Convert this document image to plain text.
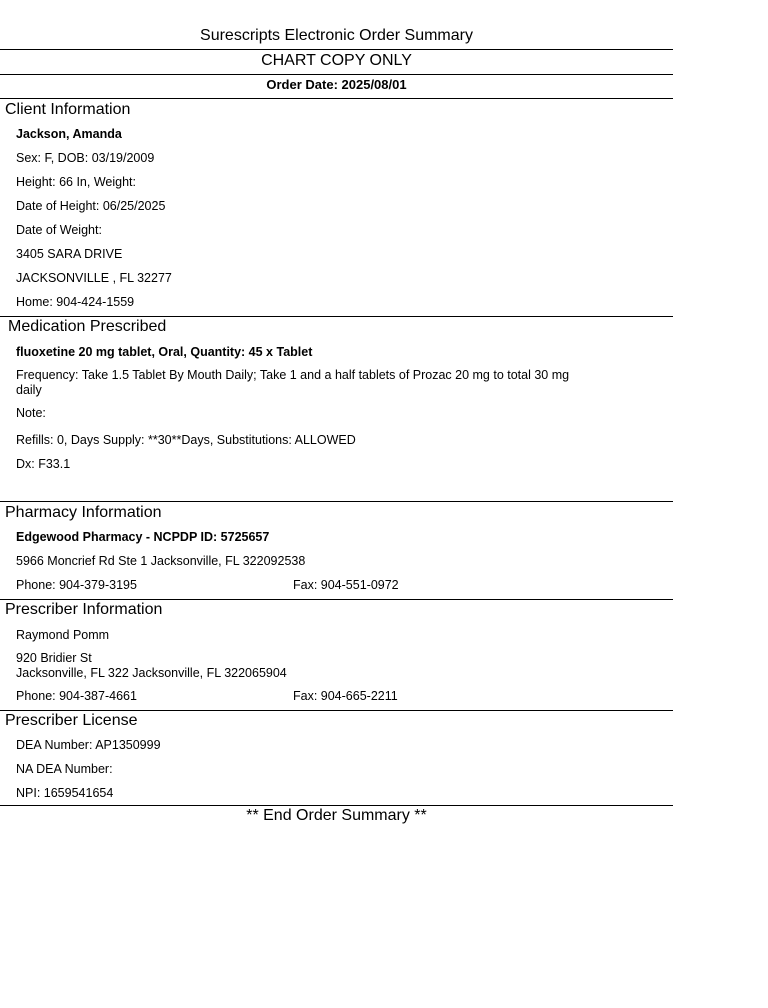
Surescripts Electronic Order Summary
CHART COPY ONLY
Order Date: 2025/08/01
Client Information
Jackson, Amanda
Sex: F, DOB: 03/19/2009
Height: 66 In, Weight:
Date of Height: 06/25/2025
Date of Weight:
3405 SARA DRIVE
JACKSONVILLE , FL 32277
Home: 904-424-1559
Medication Prescribed
fluoxetine 20 mg tablet, Oral, Quantity: 45 x Tablet
Frequency: Take 1.5 Tablet By Mouth Daily; Take 1 and a half tablets of Prozac 20 mg to total 30 mg daily
Note:
Refills: 0, Days Supply: **30**Days, Substitutions: ALLOWED
Dx: F33.1
Pharmacy Information
Edgewood Pharmacy - NCPDP ID: 5725657
5966 Moncrief Rd Ste 1 Jacksonville, FL 322092538
Phone: 904-379-3195	Fax: 904-551-0972
Prescriber Information
Raymond Pomm
920 Bridier St
Jacksonville, FL 322 Jacksonville, FL 322065904
Phone: 904-387-4661	Fax: 904-665-2211
Prescriber License
DEA Number: AP1350999
NA DEA Number:
NPI: 1659541654
** End Order Summary **
